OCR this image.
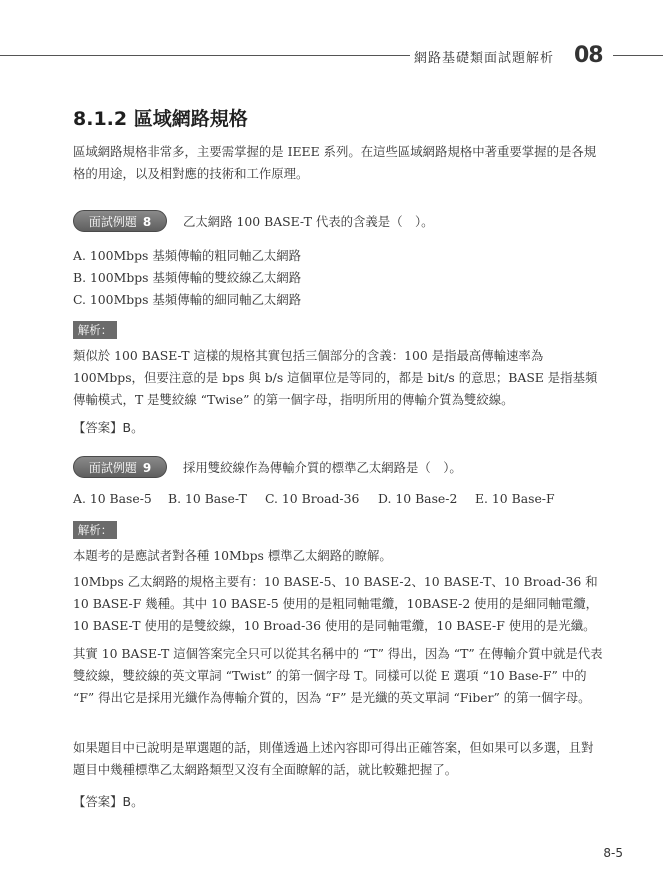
網路基礎類面試題解析 08
8.1.2 區域網路規格
區域網路規格非常多，主要需掌握的是 IEEE 系列。在這些區域網路規格中著重要掌握的是各規格的用途，以及相對應的技術和工作原理。
面試例題 8	乙太網路 100 BASE-T 代表的含義是（　）。
A. 100Mbps 基頻傳輸的粗同軸乙太網路
B. 100Mbps 基頻傳輸的雙絞線乙太網路
C. 100Mbps 基頻傳輸的細同軸乙太網路
解析：
類似於 100 BASE-T 這樣的規格其實包括三個部分的含義：100 是指最高傳輸速率為 100Mbps，但要注意的是 bps 與 b/s 這個單位是等同的，都是 bit/s 的意思；BASE 是指基頻傳輸模式，T 是雙絞線 “Twise” 的第一個字母，指明所用的傳輸介質為雙絞線。
【答案】B。
面試例題 9	採用雙絞線作為傳輸介質的標準乙太網路是（　）。
A. 10 Base-5 B. 10 Base-T C. 10 Broad-36 D. 10 Base-2 E. 10 Base-F
解析：
本題考的是應試者對各種 10Mbps 標準乙太網路的瞭解。
10Mbps 乙太網路的規格主要有：10 BASE-5、10 BASE-2、10 BASE-T、10 Broad-36 和 10 BASE-F 幾種。其中 10 BASE-5 使用的是粗同軸電纜，10BASE-2 使用的是細同軸電纜，10 BASE-T 使用的是雙絞線，10 Broad-36 使用的是同軸電纜，10 BASE-F 使用的是光纖。
其實 10 BASE-T 這個答案完全只可以從其名稱中的 “T” 得出，因為 “T” 在傳輸介質中就是代表雙絞線，雙絞線的英文單詞 “Twist” 的第一個字母 T。同樣可以從 E 選項 “10 Base-F” 中的 “F” 得出它是採用光纖作為傳輸介質的，因為 “F” 是光纖的英文單詞 “Fiber” 的第一個字母。
如果題目中已說明是單選題的話，則僅透過上述內容即可得出正確答案，但如果可以多選，且對題目中幾種標準乙太網路類型又沒有全面瞭解的話，就比較難把握了。
【答案】B。
8-5
